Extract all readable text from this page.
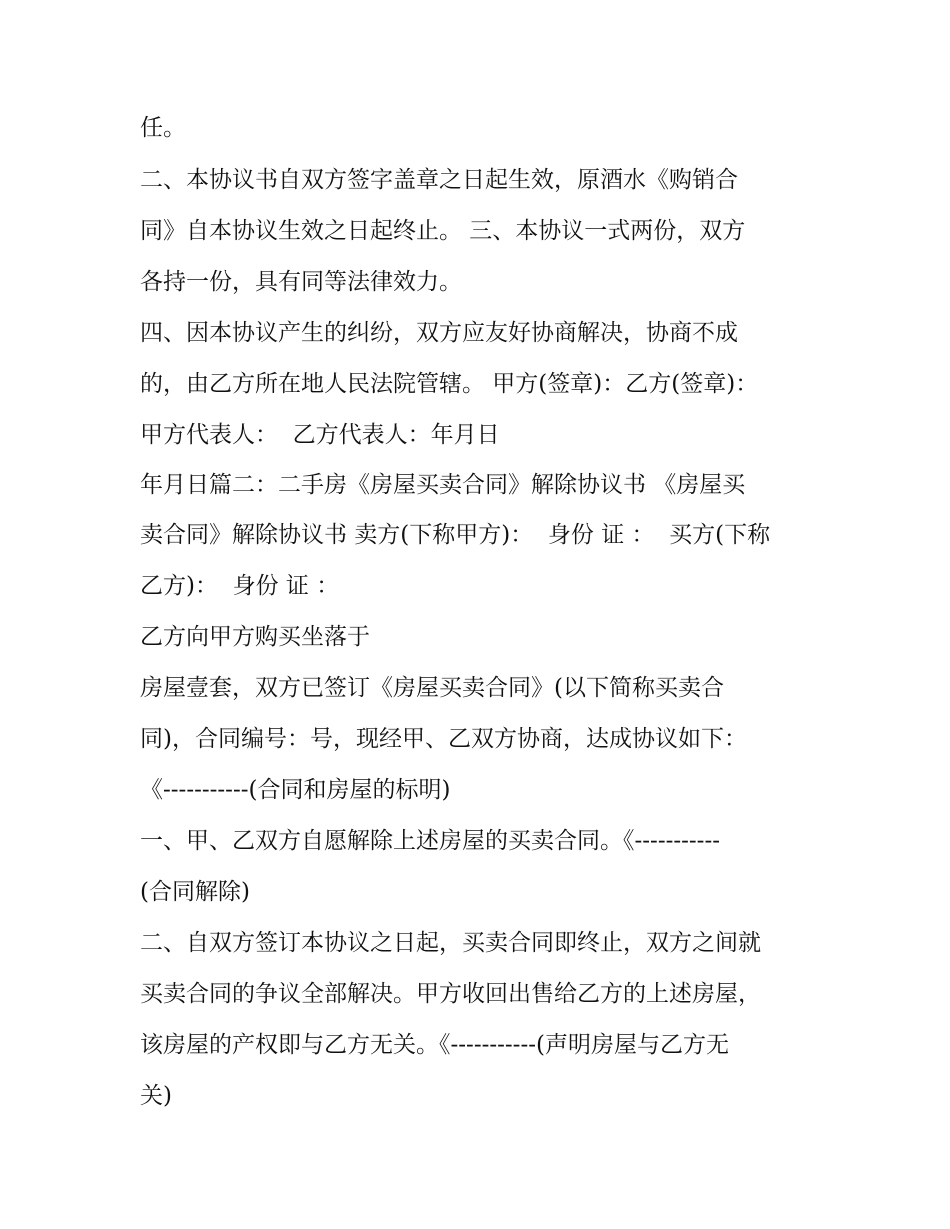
任。
二、本协议书自双方签字盖章之日起生效，原酒水《购销合
同》自本协议生效之日起终止。 三、本协议一式两份，双方
各持一份，具有同等法律效力。
四、因本协议产生的纠纷，双方应友好协商解决，协商不成
的，由乙方所在地人民法院管辖。 甲方(签章)：乙方(签章)：
甲方代表人：  乙方代表人：年月日
年月日篇二：二手房《房屋买卖合同》解除协议书 《房屋买
卖合同》解除协议书 卖方(下称甲方)：  身份 证 ：  买方(下称
乙方)：  身份 证 ：
乙方向甲方购买坐落于
房屋壹套，双方已签订《房屋买卖合同》(以下简称买卖合
同)，合同编号：号，现经甲、乙双方协商，达成协议如下：
《-----------(合同和房屋的标明)
一、甲、乙双方自愿解除上述房屋的买卖合同。《-----------
(合同解除)
二、自双方签订本协议之日起，买卖合同即终止，双方之间就
买卖合同的争议全部解决。甲方收回出售给乙方的上述房屋，
该房屋的产权即与乙方无关。《-----------(声明房屋与乙方无
关)
